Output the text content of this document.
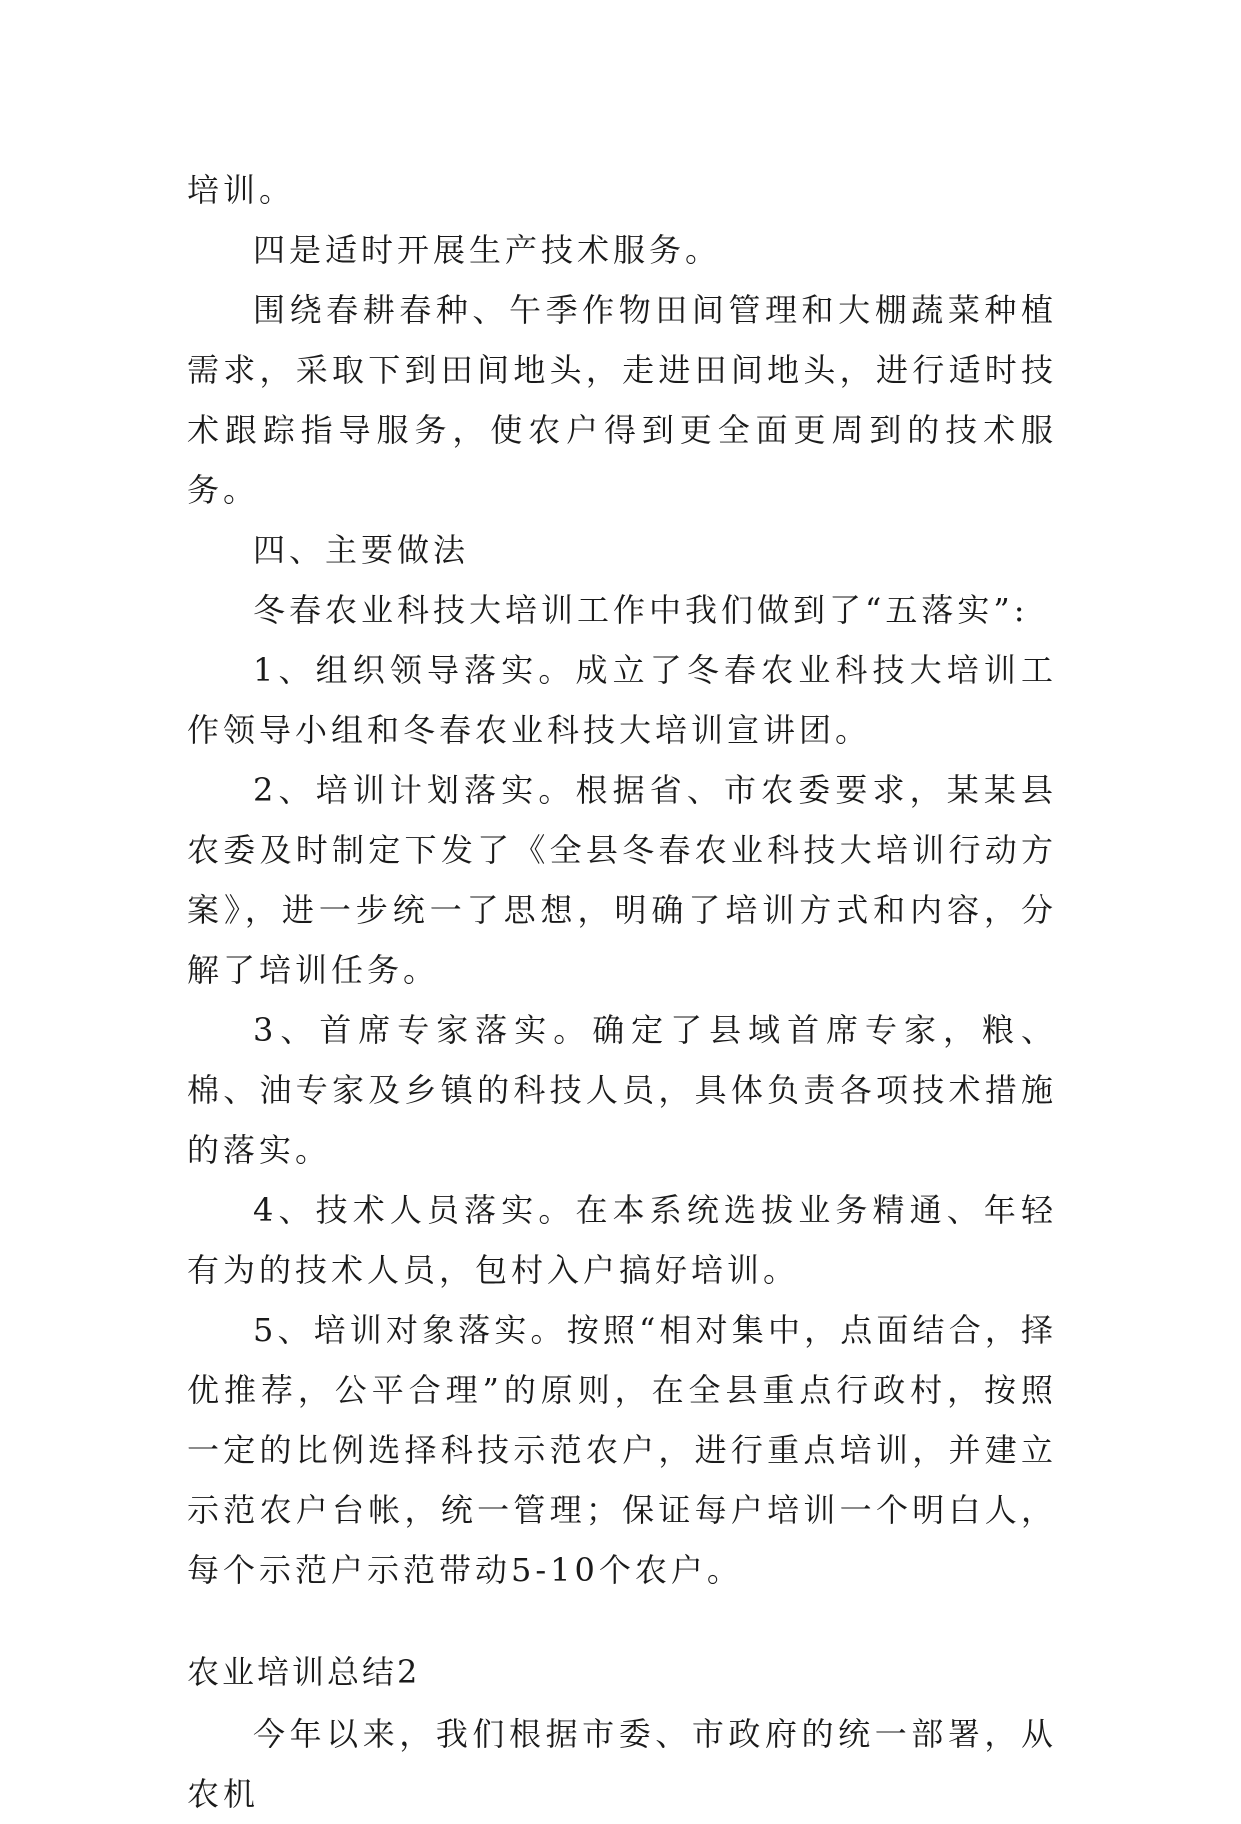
培训。

四是适时开展生产技术服务。

围绕春耕春种、午季作物田间管理和大棚蔬菜种植需求，采取下到田间地头，走进田间地头，进行适时技术跟踪指导服务，使农户得到更全面更周到的技术服务。

四、主要做法

冬春农业科技大培训工作中我们做到了“五落实”:

1、组织领导落实。成立了冬春农业科技大培训工作领导小组和冬春农业科技大培训宣讲团。

2、培训计划落实。根据省、市农委要求，某某县农委及时制定下发了《全县冬春农业科技大培训行动方案》，进一步统一了思想，明确了培训方式和内容，分解了培训任务。

3、首席专家落实。确定了县域首席专家，粮、棉、油专家及乡镇的科技人员，具体负责各项技术措施的落实。

4、技术人员落实。在本系统选拔业务精通、年轻有为的技术人员，包村入户搞好培训。

5、培训对象落实。按照“相对集中，点面结合，择优推荐，公平合理”的原则，在全县重点行政村，按照一定的比例选择科技示范农户，进行重点培训，并建立示范农户台帐，统一管理；保证每户培训一个明白人，每个示范户示范带动5-10个农户。

农业培训总结2

今年以来，我们根据市委、市政府的统一部署，从农机
